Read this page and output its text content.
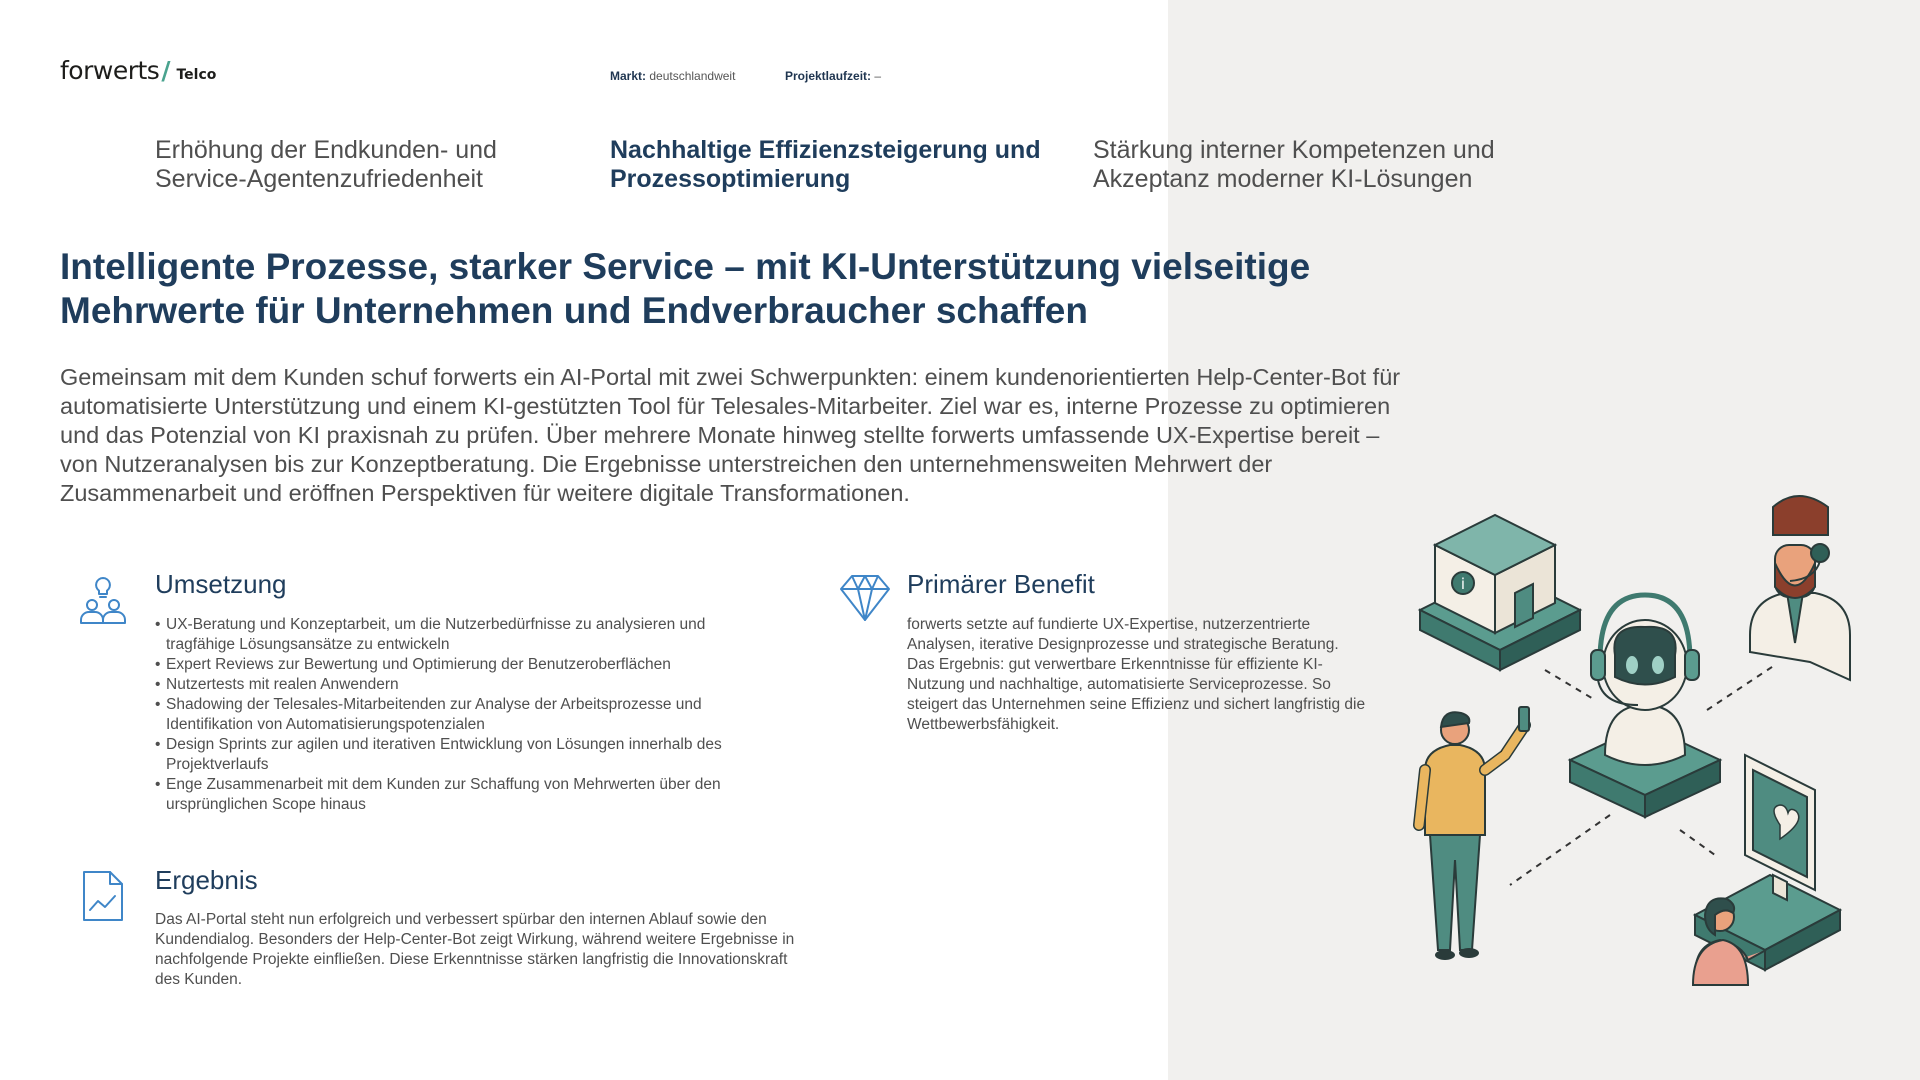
forwerts / Telco	Markt: deutschlandweit	Projektlaufzeit: –
Erhöhung der Endkunden- und Service-Agentenzufriedenheit
Nachhaltige Effizienzsteigerung und Prozessoptimierung
Stärkung interner Kompetenzen und Akzeptanz moderner KI-Lösungen
Intelligente Prozesse, starker Service – mit KI-Unterstützung vielseitige Mehrwerte für Unternehmen und Endverbraucher schaffen

Gemeinsam mit dem Kunden schuf forwerts ein AI-Portal mit zwei Schwerpunkten: einem kundenorientierten Help-Center-Bot für automatisierte Unterstützung und einem KI-gestützten Tool für Telesales-Mitarbeiter. Ziel war es, interne Prozesse zu optimieren und das Potenzial von KI praxisnah zu prüfen. Über mehrere Monate hinweg stellte forwerts umfassende UX-Expertise bereit – von Nutzeranalysen bis zur Konzeptberatung. Die Ergebnisse unterstreichen den unternehmensweiten Mehrwert der Zusammenarbeit und eröffnen Perspektiven für weitere digitale Transformationen.

Umsetzung
• UX-Beratung und Konzeptarbeit, um die Nutzerbedürfnisse zu analysieren und tragfähige Lösungsansätze zu entwickeln
• Expert Reviews zur Bewertung und Optimierung der Benutzeroberflächen
• Nutzertests mit realen Anwendern
• Shadowing der Telesales-Mitarbeitenden zur Analyse der Arbeitsprozesse und Identifikation von Automatisierungspotenzialen
• Design Sprints zur agilen und iterativen Entwicklung von Lösungen innerhalb des Projektverlaufs
• Enge Zusammenarbeit mit dem Kunden zur Schaffung von Mehrwerten über den ursprünglichen Scope hinaus
Primärer Benefit

forwerts setzte auf fundierte UX-Expertise, nutzerzentrierte Analysen, iterative Designprozesse und strategische Beratung. Das Ergebnis: gut verwertbare Erkenntnisse für effiziente KI-Nutzung und nachhaltige, automatisierte Serviceprozesse. So steigert das Unternehmen seine Effizienz und sichert langfristig die Wettbewerbsfähigkeit.

Ergebnis

Das AI-Portal steht nun erfolgreich und verbessert spürbar den internen Ablauf sowie den Kundendialog. Besonders der Help-Center-Bot zeigt Wirkung, während weitere Ergebnisse in nachfolgende Projekte einfließen. Diese Erkenntnisse stärken langfristig die Innovationskraft des Kunden.

i
